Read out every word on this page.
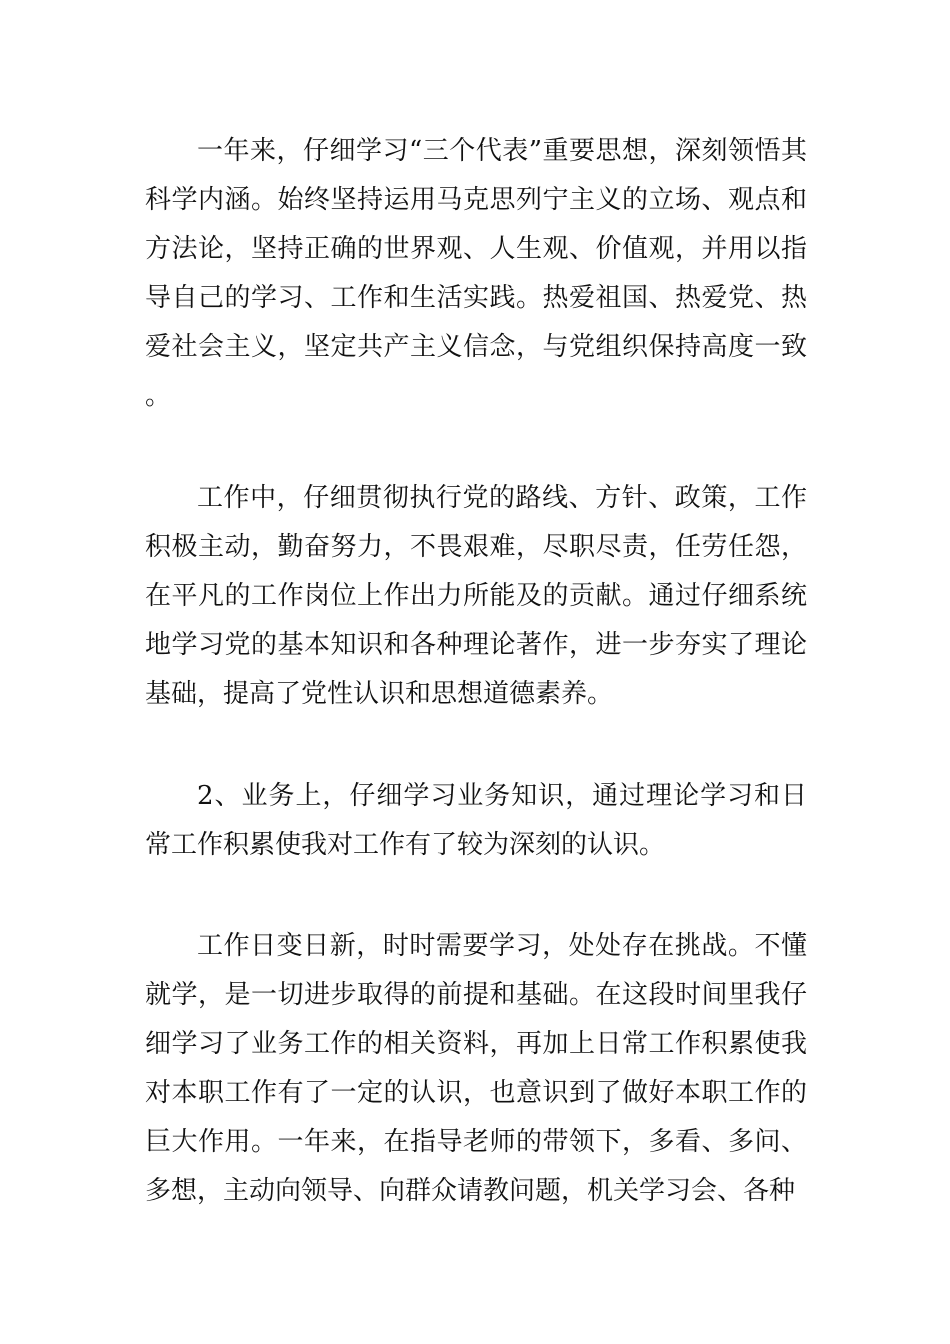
一年来，仔细学习“三个代表”重要思想，深刻领悟其科学内涵。始终坚持运用马克思列宁主义的立场、观点和方法论，坚持正确的世界观、人生观、价值观，并用以指导自己的学习、工作和生活实践。热爱祖国、热爱党、热爱社会主义，坚定共产主义信念，与党组织保持高度一致。

工作中，仔细贯彻执行党的路线、方针、政策，工作积极主动，勤奋努力，不畏艰难，尽职尽责，任劳任怨，在平凡的工作岗位上作出力所能及的贡献。通过仔细系统地学习党的基本知识和各种理论著作，进一步夯实了理论基础，提高了党性认识和思想道德素养。

2、业务上，仔细学习业务知识，通过理论学习和日常工作积累使我对工作有了较为深刻的认识。

工作日变日新，时时需要学习，处处存在挑战。不懂就学，是一切进步取得的前提和基础。在这段时间里我仔细学习了业务工作的相关资料，再加上日常工作积累使我对本职工作有了一定的认识，也意识到了做好本职工作的巨大作用。一年来，在指导老师的带领下，多看、多问、多想，主动向领导、向群众请教问题，机关学习会、各种
